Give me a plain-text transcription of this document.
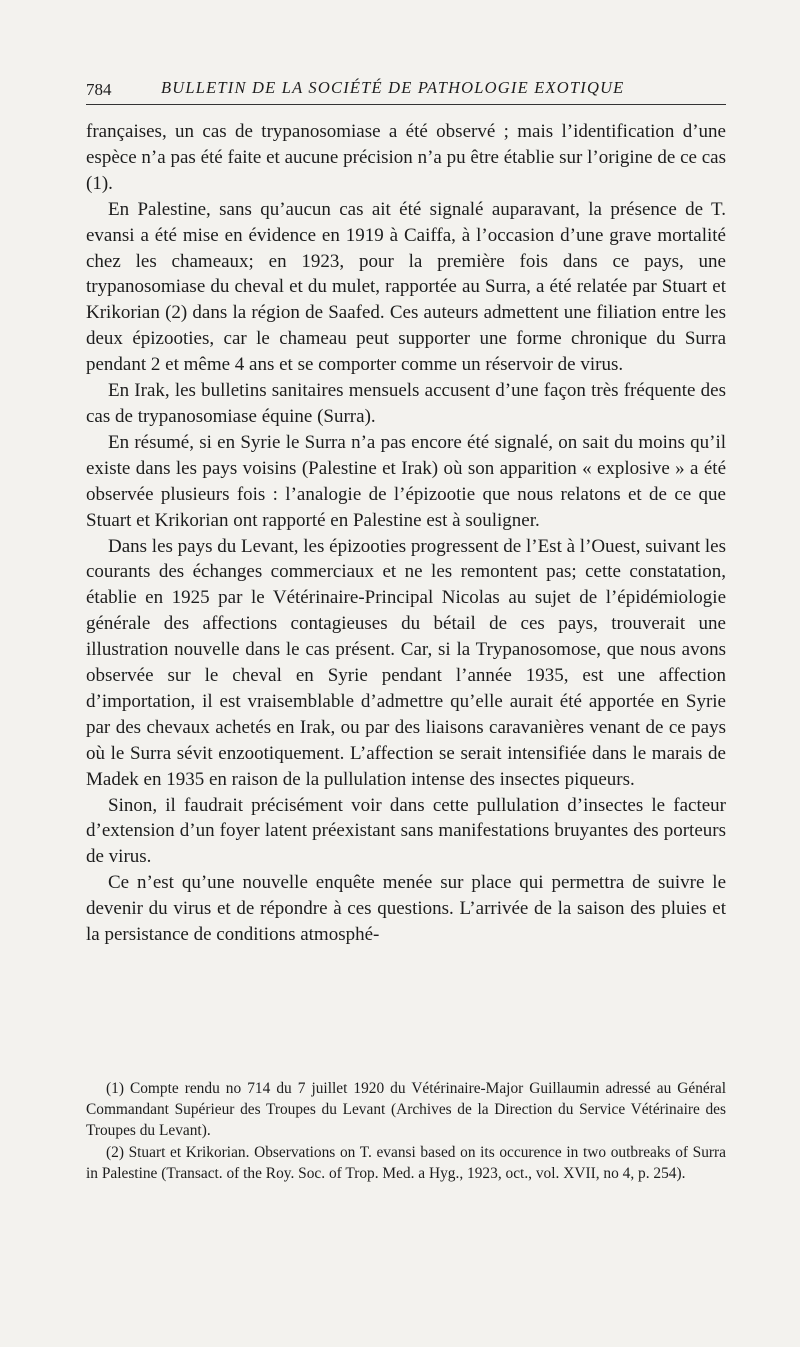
784	BULLETIN DE LA SOCIÉTÉ DE PATHOLOGIE EXOTIQUE

françaises, un cas de trypanosomiase a été observé ; mais l’identification d’une espèce n’a pas été faite et aucune précision n’a pu être établie sur l’origine de ce cas (1).

En Palestine, sans qu’aucun cas ait été signalé auparavant, la présence de T. evansi a été mise en évidence en 1919 à Caiffa, à l’occasion d’une grave mortalité chez les chameaux; en 1923, pour la première fois dans ce pays, une trypanosomiase du cheval et du mulet, rapportée au Surra, a été relatée par Stuart et Krikorian (2) dans la région de Saafed. Ces auteurs admettent une filiation entre les deux épizooties, car le chameau peut supporter une forme chronique du Surra pendant 2 et même 4 ans et se comporter comme un réservoir de virus.

En Irak, les bulletins sanitaires mensuels accusent d’une façon très fréquente des cas de trypanosomiase équine (Surra).

En résumé, si en Syrie le Surra n’a pas encore été signalé, on sait du moins qu’il existe dans les pays voisins (Palestine et Irak) où son apparition « explosive » a été observée plusieurs fois : l’analogie de l’épizootie que nous relatons et de ce que Stuart et Krikorian ont rapporté en Palestine est à souligner.

Dans les pays du Levant, les épizooties progressent de l’Est à l’Ouest, suivant les courants des échanges commerciaux et ne les remontent pas; cette constatation, établie en 1925 par le Vétérinaire-Principal Nicolas au sujet de l’épidémiologie générale des affections contagieuses du bétail de ces pays, trouverait une illustration nouvelle dans le cas présent. Car, si la Trypanosomose, que nous avons observée sur le cheval en Syrie pendant l’année 1935, est une affection d’importation, il est vraisemblable d’admettre qu’elle aurait été apportée en Syrie par des chevaux achetés en Irak, ou par des liaisons caravanières venant de ce pays où le Surra sévit enzootiquement. L’affection se serait intensifiée dans le marais de Madek en 1935 en raison de la pullulation intense des insectes piqueurs.

Sinon, il faudrait précisément voir dans cette pullulation d’insectes le facteur d’extension d’un foyer latent préexistant sans manifestations bruyantes des porteurs de virus.

Ce n’est qu’une nouvelle enquête menée sur place qui permettra de suivre le devenir du virus et de répondre à ces questions. L’arrivée de la saison des pluies et la persistance de conditions atmosphé-

(1) Compte rendu no 714 du 7 juillet 1920 du Vétérinaire-Major Guillaumin adressé au Général Commandant Supérieur des Troupes du Levant (Archives de la Direction du Service Vétérinaire des Troupes du Levant).

(2) Stuart et Krikorian. Observations on T. evansi based on its occurence in two outbreaks of Surra in Palestine (Transact. of the Roy. Soc. of Trop. Med. a Hyg., 1923, oct., vol. XVII, no 4, p. 254).
